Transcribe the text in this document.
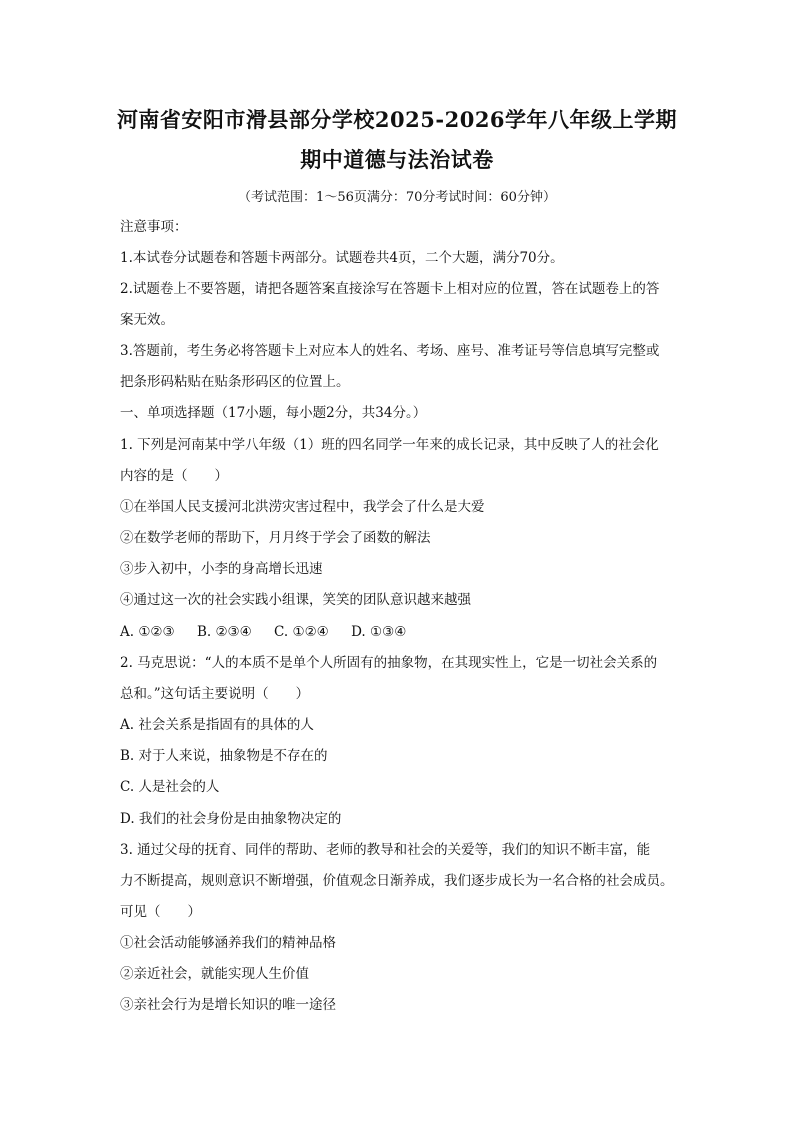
河南省安阳市滑县部分学校2025-2026学年八年级上学期
期中道德与法治试卷
（考试范围：1～56页满分：70分考试时间：60分钟）
注意事项：
1.本试卷分试题卷和答题卡两部分。试题卷共4页，二个大题，满分70分。
2.试题卷上不要答题，请把各题答案直接涂写在答题卡上相对应的位置，答在试题卷上的答
案无效。
3.答题前，考生务必将答题卡上对应本人的姓名、考场、座号、准考证号等信息填写完整或
把条形码粘贴在贴条形码区的位置上。
一、单项选择题（17小题，每小题2分，共34分。）
1. 下列是河南某中学八年级（1）班的四名同学一年来的成长记录，其中反映了人的社会化
内容的是（　　）
①在举国人民支援河北洪涝灾害过程中，我学会了什么是大爱
②在数学老师的帮助下，月月终于学会了函数的解法
③步入初中，小李的身高增长迅速
④通过这一次的社会实践小组课，笑笑的团队意识越来越强
A. ①②③ B. ②③④ C. ①②④ D. ①③④
2. 马克思说：“人的本质不是单个人所固有的抽象物，在其现实性上，它是一切社会关系的
总和。”这句话主要说明（　　）
A. 社会关系是指固有的具体的人
B. 对于人来说，抽象物是不存在的
C. 人是社会的人
D. 我们的社会身份是由抽象物决定的
3. 通过父母的抚育、同伴的帮助、老师的教导和社会的关爱等，我们的知识不断丰富，能
力不断提高，规则意识不断增强，价值观念日渐养成，我们逐步成长为一名合格的社会成员。
可见（　　）
①社会活动能够涵养我们的精神品格
②亲近社会，就能实现人生价值
③亲社会行为是增长知识的唯一途径
